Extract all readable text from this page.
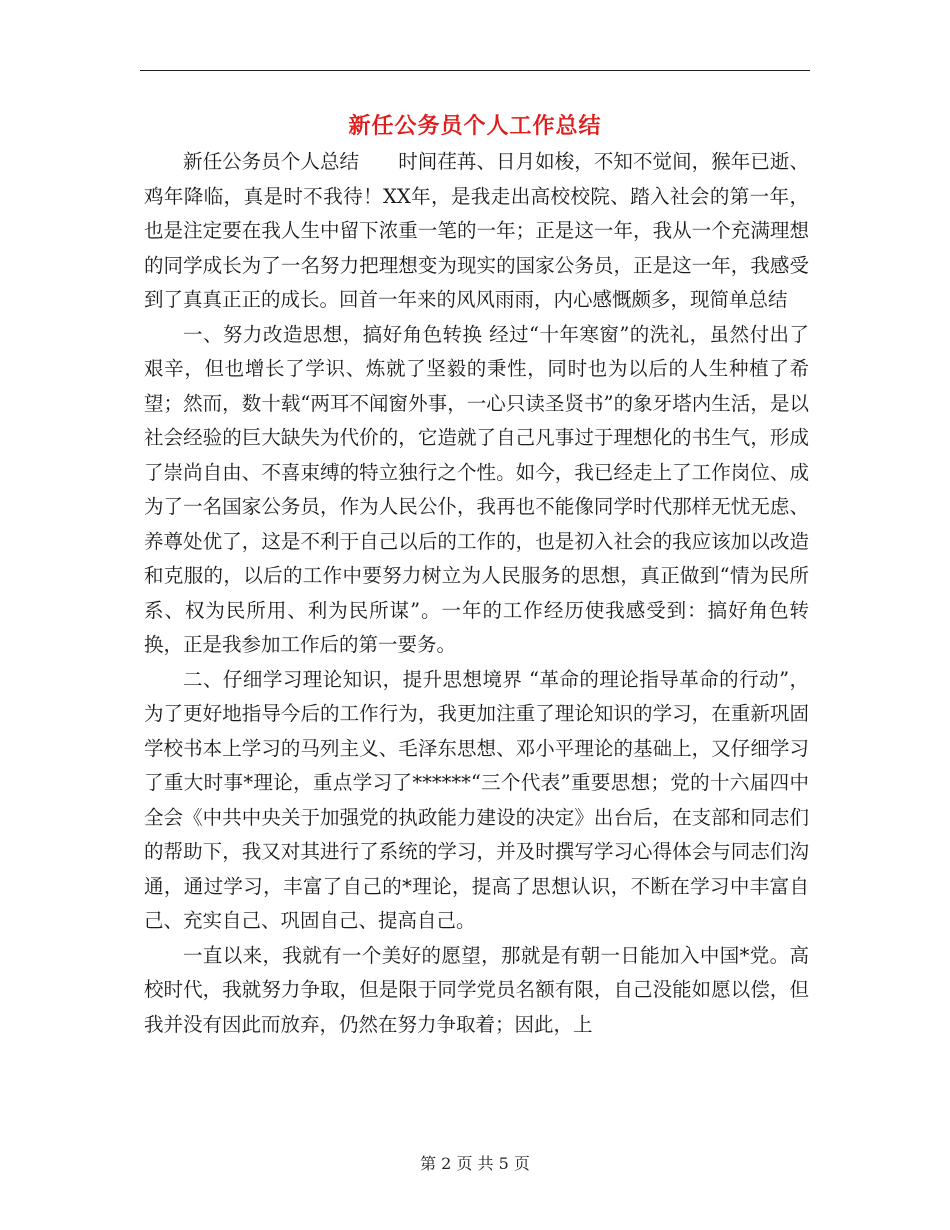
新任公务员个人工作总结

新任公务员个人总结　　时间荏苒、日月如梭，不知不觉间，猴年已逝、鸡年降临，真是时不我待！XX年，是我走出高校校院、踏入社会的第一年，也是注定要在我人生中留下浓重一笔的一年；正是这一年，我从一个充满理想的同学成长为了一名努力把理想变为现实的国家公务员，正是这一年，我感受到了真真正正的成长。回首一年来的风风雨雨，内心感慨颇多，现简单总结

一、努力改造思想，搞好角色转换 经过“十年寒窗”的洗礼，虽然付出了艰辛，但也增长了学识、炼就了坚毅的秉性，同时也为以后的人生种植了希望；然而，数十载“两耳不闻窗外事，一心只读圣贤书”的象牙塔内生活，是以社会经验的巨大缺失为代价的，它造就了自己凡事过于理想化的书生气，形成了崇尚自由、不喜束缚的特立独行之个性。如今，我已经走上了工作岗位、成为了一名国家公务员，作为人民公仆，我再也不能像同学时代那样无忧无虑、养尊处优了，这是不利于自己以后的工作的，也是初入社会的我应该加以改造和克服的，以后的工作中要努力树立为人民服务的思想，真正做到“情为民所系、权为民所用、利为民所谋”。一年的工作经历使我感受到：搞好角色转换，正是我参加工作后的第一要务。

二、仔细学习理论知识，提升思想境界 “革命的理论指导革命的行动”，为了更好地指导今后的工作行为，我更加注重了理论知识的学习，在重新巩固学校书本上学习的马列主义、毛泽东思想、邓小平理论的基础上，又仔细学习了重大时事*理论，重点学习了******“三个代表”重要思想；党的十六届四中全会《中共中央关于加强党的执政能力建设的决定》出台后，在支部和同志们的帮助下，我又对其进行了系统的学习，并及时撰写学习心得体会与同志们沟通，通过学习，丰富了自己的*理论，提高了思想认识，不断在学习中丰富自己、充实自己、巩固自己、提高自己。

一直以来，我就有一个美好的愿望，那就是有朝一日能加入中国*党。高校时代，我就努力争取，但是限于同学党员名额有限，自己没能如愿以偿，但我并没有因此而放弃，仍然在努力争取着；因此，上

第 2 页 共 5 页
